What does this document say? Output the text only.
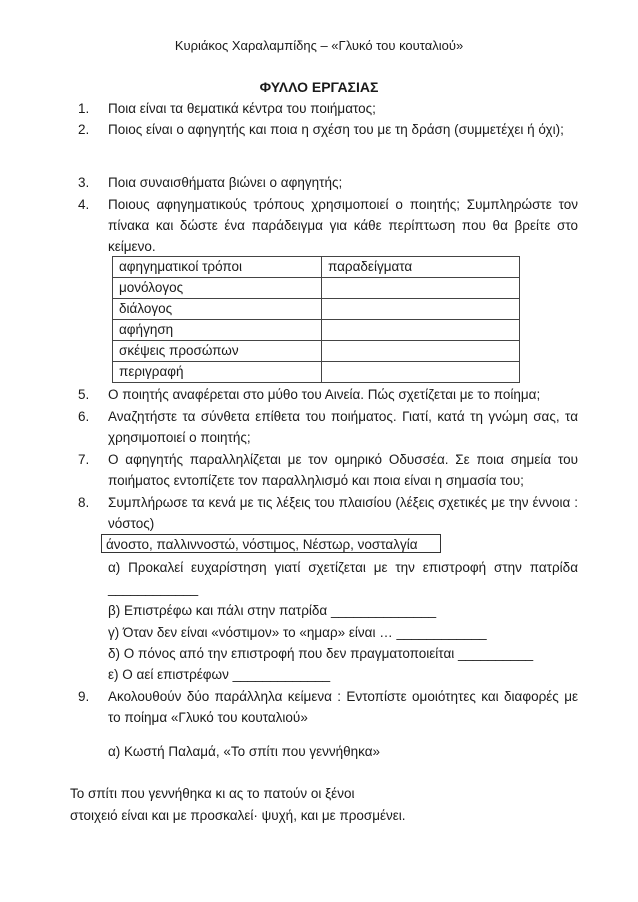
Κυριάκος Χαραλαμπίδης – «Γλυκό του κουταλιού»
ΦΥΛΛΟ ΕΡΓΑΣΙΑΣ
1.	Ποια είναι τα θεματικά κέντρα του ποιήματος;
2.	Ποιος είναι ο αφηγητής και ποια η σχέση του με τη δράση (συμμετέχει ή όχι);
3.	Ποια συναισθήματα βιώνει ο αφηγητής;
4.	Ποιους αφηγηματικούς τρόπους χρησιμοποιεί ο ποιητής; Συμπληρώστε τον πίνακα και δώστε ένα παράδειγμα για κάθε περίπτωση που θα βρείτε στο κείμενο.
αφηγηματικοί τρόποι	παραδείγματα
μονόλογος	
διάλογος	
αφήγηση	
σκέψεις προσώπων	
περιγραφή	
5.	Ο ποιητής αναφέρεται στο μύθο του Αινεία. Πώς σχετίζεται με το ποίημα;
6.	Αναζητήστε τα σύνθετα επίθετα του ποιήματος. Γιατί, κατά τη γνώμη σας, τα χρησιμοποιεί ο ποιητής;
7.	Ο αφηγητής παραλληλίζεται με τον ομηρικό Οδυσσέα. Σε ποια σημεία του ποιήματος εντοπίζετε τον παραλληλισμό και ποια είναι η σημασία του;
8.	Συμπλήρωσε τα κενά με τις λέξεις του πλαισίου (λέξεις σχετικές με την έννοια : νόστος)
άνοστο, παλλιννοστώ, νόστιμος, Νέστωρ, νοσταλγία
α) Προκαλεί ευχαρίστηση γιατί σχετίζεται με την επιστροφή στην πατρίδα ____________
β) Επιστρέφω και πάλι στην πατρίδα ______________
γ) Όταν δεν είναι «νόστιμον» το «ημαρ» είναι … ____________
δ) Ο πόνος από την επιστροφή που δεν πραγματοποιείται __________
ε) Ο αεί επιστρέφων _____________
9.	Ακολουθούν δύο παράλληλα κείμενα : Εντοπίστε ομοιότητες και διαφορές με το ποίημα «Γλυκό του κουταλιού»
α) Κωστή Παλαμά, «Το σπίτι που γεννήθηκα»
Το σπίτι που γεννήθηκα κι ας το πατούν οι ξένοι
στοιχειό είναι και με προσκαλεί· ψυχή, και με προσμένει.
